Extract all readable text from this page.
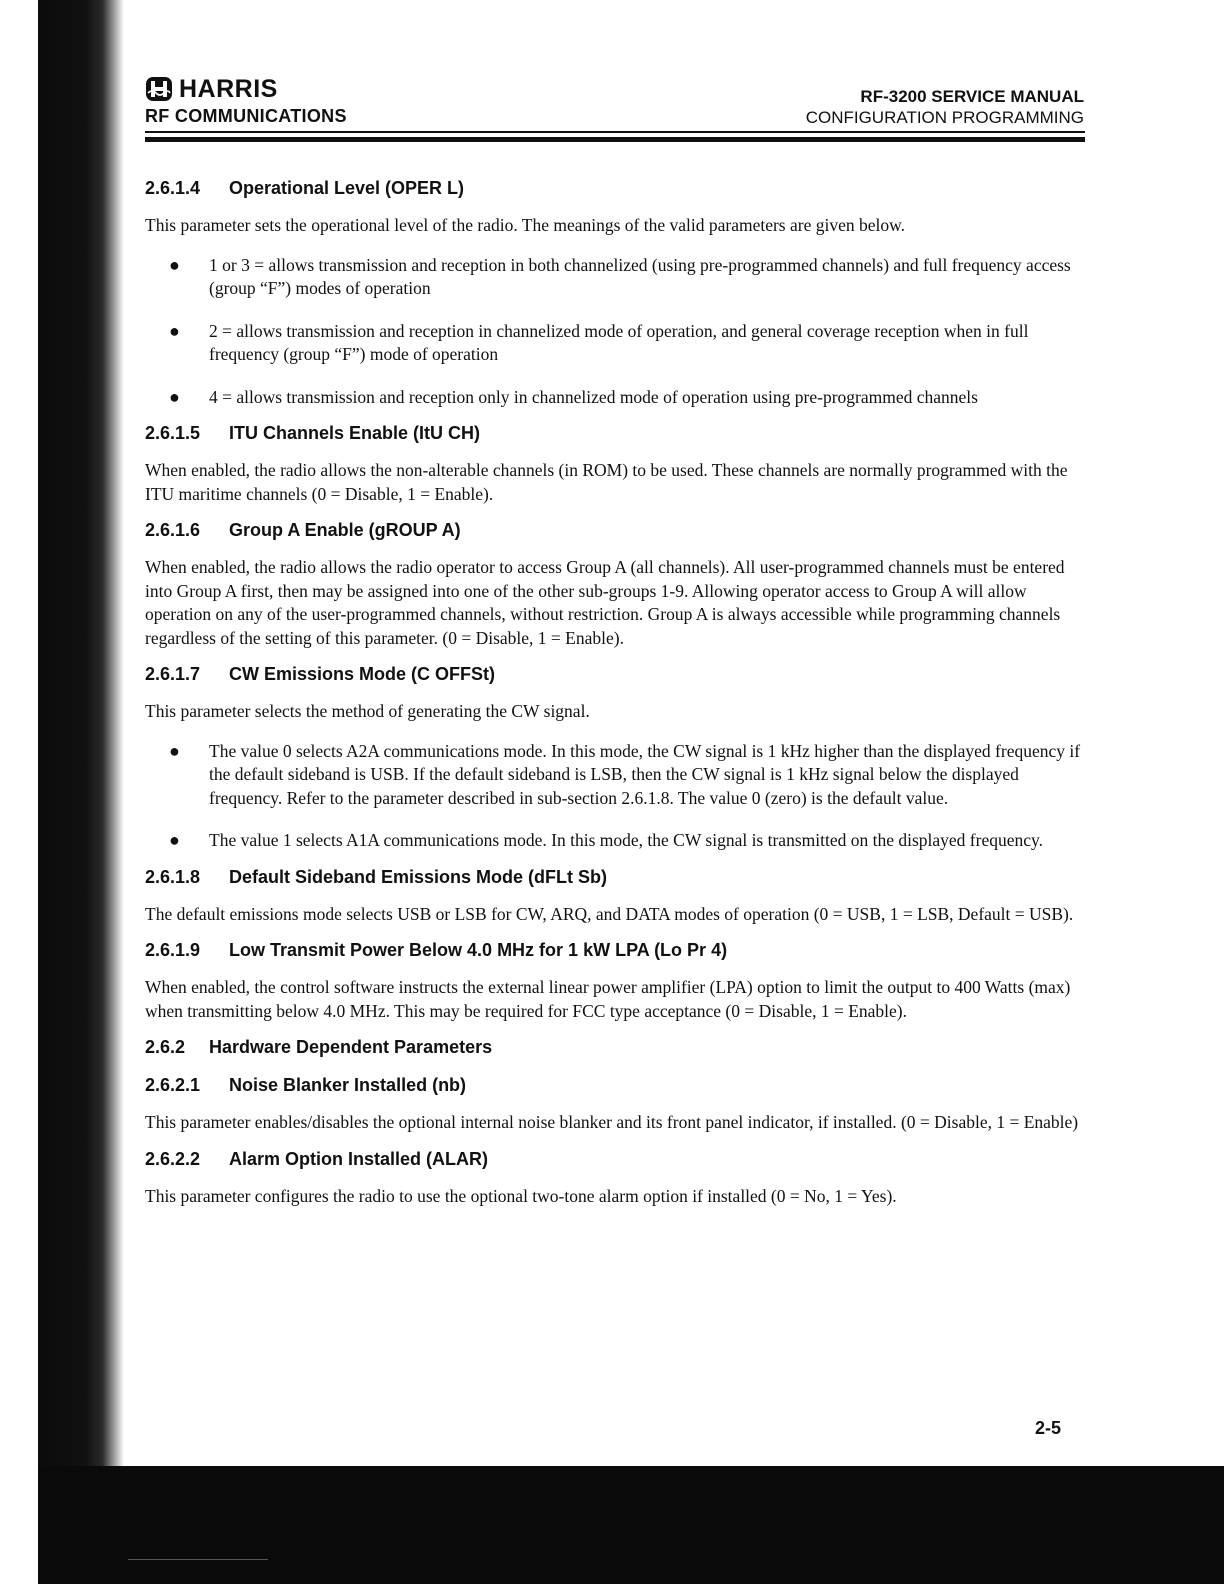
HARRIS
RF COMMUNICATIONS
RF-3200 SERVICE MANUAL
CONFIGURATION PROGRAMMING
2.6.1.4 Operational Level (OPER L)

This parameter sets the operational level of the radio. The meanings of the valid parameters are given below.

● 1 or 3 = allows transmission and reception in both channelized (using pre-programmed channels) and full frequency access (group “F”) modes of operation
● 2 = allows transmission and reception in channelized mode of operation, and general coverage reception when in full frequency (group “F”) mode of operation
● 4 = allows transmission and reception only in channelized mode of operation using pre-programmed channels
2.6.1.5 ITU Channels Enable (ItU CH)

When enabled, the radio allows the non-alterable channels (in ROM) to be used. These channels are normally programmed with the ITU maritime channels (0 = Disable, 1 = Enable).

2.6.1.6 Group A Enable (gROUP A)

When enabled, the radio allows the radio operator to access Group A (all channels). All user-programmed channels must be entered into Group A first, then may be assigned into one of the other sub-groups 1-9. Allowing operator access to Group A will allow operation on any of the user-programmed channels, without restriction. Group A is always accessible while programming channels regardless of the setting of this parameter. (0 = Disable, 1 = Enable).

2.6.1.7 CW Emissions Mode (C OFFSt)

This parameter selects the method of generating the CW signal.

● The value 0 selects A2A communications mode. In this mode, the CW signal is 1 kHz higher than the displayed frequency if the default sideband is USB. If the default sideband is LSB, then the CW signal is 1 kHz signal below the displayed frequency. Refer to the parameter described in sub-section 2.6.1.8. The value 0 (zero) is the default value.
● The value 1 selects A1A communications mode. In this mode, the CW signal is transmitted on the displayed frequency.
2.6.1.8 Default Sideband Emissions Mode (dFLt Sb)

The default emissions mode selects USB or LSB for CW, ARQ, and DATA modes of operation (0 = USB, 1 = LSB, Default = USB).

2.6.1.9 Low Transmit Power Below 4.0 MHz for 1 kW LPA (Lo Pr 4)

When enabled, the control software instructs the external linear power amplifier (LPA) option to limit the output to 400 Watts (max) when transmitting below 4.0 MHz. This may be required for FCC type acceptance (0 = Disable, 1 = Enable).

2.6.2 Hardware Dependent Parameters
2.6.2.1 Noise Blanker Installed (nb)

This parameter enables/disables the optional internal noise blanker and its front panel indicator, if installed. (0 = Disable, 1 = Enable)

2.6.2.2 Alarm Option Installed (ALAR)

This parameter configures the radio to use the optional two-tone alarm option if installed (0 = No, 1 = Yes).

2-5
